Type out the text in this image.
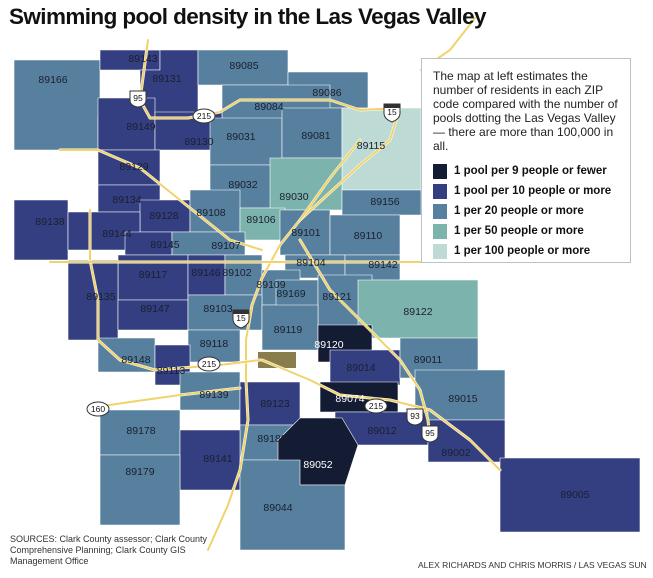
89143
89166	89131
89085
89086
89084
89149
89130 89031	89081
89115
89129
89032
89030
89134
89128 89108
89106
89156
89138
89144
89145	89107
89101	89110
89104	89142
89117 89146 89102
89109
89169 89121
89135
89147	89103	89122
89119
89120
89118
89148
89113	89014
89011
89074
89139	89015
89123
89012
89178
89002
89183
89141	89052
89179
89005
89044
95
215	15
15
215
160	215
93
95
Swimming pool density in the Las Vegas Valley
The map at left estimates the number of residents in each ZIP code compared with the number of pools dotting the Las Vegas Valley — there are more than 100,000 in all.
1 pool per 9 people or fewer
1 pool per 10 people or more
1 per 20 people or more
1 per 50 people or more
1 per 100 people or more
SOURCES: Clark County assessor; Clark County Comprehensive Planning; Clark County GIS Management Office	ALEX RICHARDS AND CHRIS MORRIS / LAS VEGAS SUN
